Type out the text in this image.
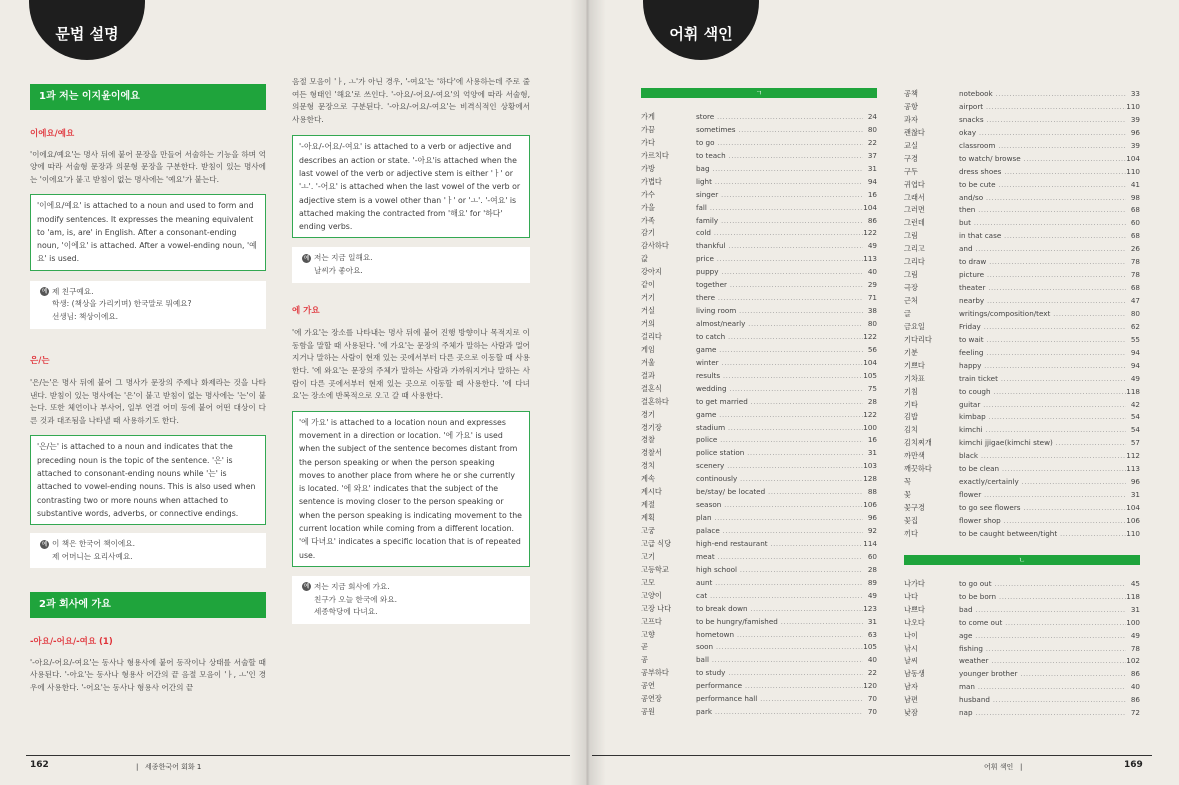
문법 설명
1과 저는 이지윤이에요
이에요/예요
'이에요/예요'는 명사 뒤에 붙어 문장을 만들어 서술하는 기능을 하며 억양에 따라 서술형 문장과 의문형 문장을 구분한다. 받침이 있는 명사에는 '이에요'가 붙고 받침이 없는 명사에는 '예요'가 붙는다.
'이에요/예요' is attached to a noun and used to form and modify sentences. It expresses the meaning equivalent to 'am, is, are' in English. After a consonant-ending noun, '이에요' is attached. After a vowel-ending noun, '예요' is used.
예 제 친구예요.
학생: (책상을 가리키며) 한국말로 뭐예요?
선생님: 책상이에요.
은/는
'은/는'은 명사 뒤에 붙어 그 명사가 문장의 주제나 화제라는 것을 나타낸다. 받침이 있는 명사에는 '은'이 붙고 받침이 없는 명사에는 '는'이 붙는다. 또한 체언이나 부사어, 일부 연결 어미 등에 붙어 어떤 대상이 다른 것과 대조됨을 나타낼 때 사용하기도 한다.
'은/는' is attached to a noun and indicates that the preceding noun is the topic of the sentence. '은' is attached to consonant-ending nouns while '는' is attached to vowel-ending nouns. This is also used when contrasting two or more nouns when attached to substantive words, adverbs, or connective endings.
예 이 책은 한국어 책이에요.
제 어머니는 요리사예요.
2과 회사에 가요
-아요/-어요/-여요 (1)
'-아요/-어요/-여요'는 동사나 형용사에 붙어 동작이나 상태를 서술할 때 사용된다. '-아요'는 동사나 형용사 어간의 끝 음절 모음이 'ㅏ, ㅗ'인 경우에 사용한다. '-어요'는 동사나 형용사 어간의 끝
음절 모음이 'ㅏ, ㅗ'가 아닌 경우, '-여요'는 '하다'에 사용하는데 주로 줄여든 형태인 '해요'로 쓰인다. '-아요/-어요/-여요'의 억양에 따라 서술형, 의문형 문장으로 구분된다. '-아요/-어요/-여요'는 비격식적인 상황에서 사용한다.
'-아요/-어요/-여요' is attached to a verb or adjective and describes an action or state. '-아요'is attached when the last vowel of the verb or adjective stem is either 'ㅏ' or 'ㅗ'. '-어요' is attached when the last vowel of the verb or adjective stem is a vowel other than 'ㅏ' or 'ㅗ'. '-여요' is attached making the contracted from '해요' for '하다' ending verbs.
예 저는 지금 일해요.
날씨가 좋아요.
에 가요
'에 가요'는 장소를 나타내는 명사 뒤에 붙어 진행 방향이나 목적지로 이동함을 말할 때 사용된다. '에 가요'는 문장의 주체가 말하는 사람과 멀어지거나 말하는 사람이 현재 있는 곳에서부터 다른 곳으로 이동할 때 사용한다. '에 와요'는 문장의 주체가 말하는 사람과 가까워지거나 말하는 사람이 다른 곳에서부터 현재 있는 곳으로 이동할 때 사용한다. '에 다녀요'는 장소에 반복적으로 오고 갈 때 사용한다.
'에 가요' is attached to a location noun and expresses movement in a direction or location. '에 가요' is used when the subject of the sentence becomes distant from the person speaking or when the person speaking moves to another place from where he or she currently is located. '에 와요' indicates that the subject of the sentence is moving closer to the person speaking or when the person speaking is indicating movement to the current location while coming from a different location. '에 다녀요' indicates a specific location that is of repeated use.
예 저는 지금 회사에 가요.
친구가 오늘 한국에 와요.
세종학당에 다녀요.
162	|   세종한국어 회화 1
어휘 색인
ㄱ
가게	store .....	24
가끔	sometimes .....	80
가다	to go .....	22
가르치다	to teach .....	37
가방	bag .....	31
가볍다	light .....	94
가수	singer .....	16
가을	fall .....	104
가족	family .....	86
감기	cold .....	122
감사하다	thankful .....	49
값	price .....	113
강아지	puppy .....	40
같이	together .....	29
거기	there .....	71
거실	living room .....	38
거의	almost/nearly .....	80
걸리다	to catch .....	122
게임	game .....	56
겨울	winter .....	104
결과	results .....	105
결혼식	wedding .....	75
결혼하다	to get married .....	28
경기	game .....	122
경기장	stadium .....	100
경찰	police .....	16
경찰서	police station .....	31
경치	scenery .....	103
계속	continously .....	128
계시다	be/stay/ be located .....	88
계절	season .....	106
계획	plan .....	96
고궁	palace .....	92
고급 식당	high-end restaurant .....	114
고기	meat .....	60
고등학교	high school .....	28
고모	aunt .....	89
고양이	cat .....	49
고장 나다	to break down .....	123
고프다	to be hungry/famished .....	31
고향	hometown .....	63
곧	soon .....	105
공	ball .....	40
공부하다	to study .....	22
공연	performance .....	120
공연장	performance hall .....	70
공원	park .....	70
공책	notebook .....	33
공항	airport .....	110
과자	snacks .....	39
괜찮다	okay .....	96
교실	classroom .....	39
구경	to watch/ browse .....	104
구두	dress shoes .....	110
귀엽다	to be cute .....	41
그래서	and/so .....	98
그러면	then .....	68
그런데	but .....	60
그림	in that case .....	68
그리고	and .....	26
그리다	to draw .....	78
그림	picture .....	78
극장	theater .....	68
근처	nearby .....	47
글	writings/composition/text .....	80
금요일	Friday .....	62
기다리다	to wait .....	55
기분	feeling .....	94
기쁘다	happy .....	94
기차표	train ticket .....	49
기침	to cough .....	118
기타	guitar .....	42
김밥	kimbap .....	54
김치	kimchi .....	54
김치찌개	kimchi jjigae(kimchi stew) .....	57
까만색	black .....	112
깨끗하다	to be clean .....	113
꼭	exactly/certainly .....	96
꽃	flower .....	31
꽃구경	to go see flowers .....	104
꽃집	flower shop .....	106
끼다	to be caught between/tight .....	110
ㄴ
나가다	to go out .....	45
나다	to be born .....	118
나쁘다	bad .....	31
나오다	to come out .....	100
나이	age .....	49
낚시	fishing .....	78
날씨	weather .....	102
남동생	younger brother .....	86
남자	man .....	40
남편	husband .....	86
낮잠	nap .....	72
어휘 색인   |	169
